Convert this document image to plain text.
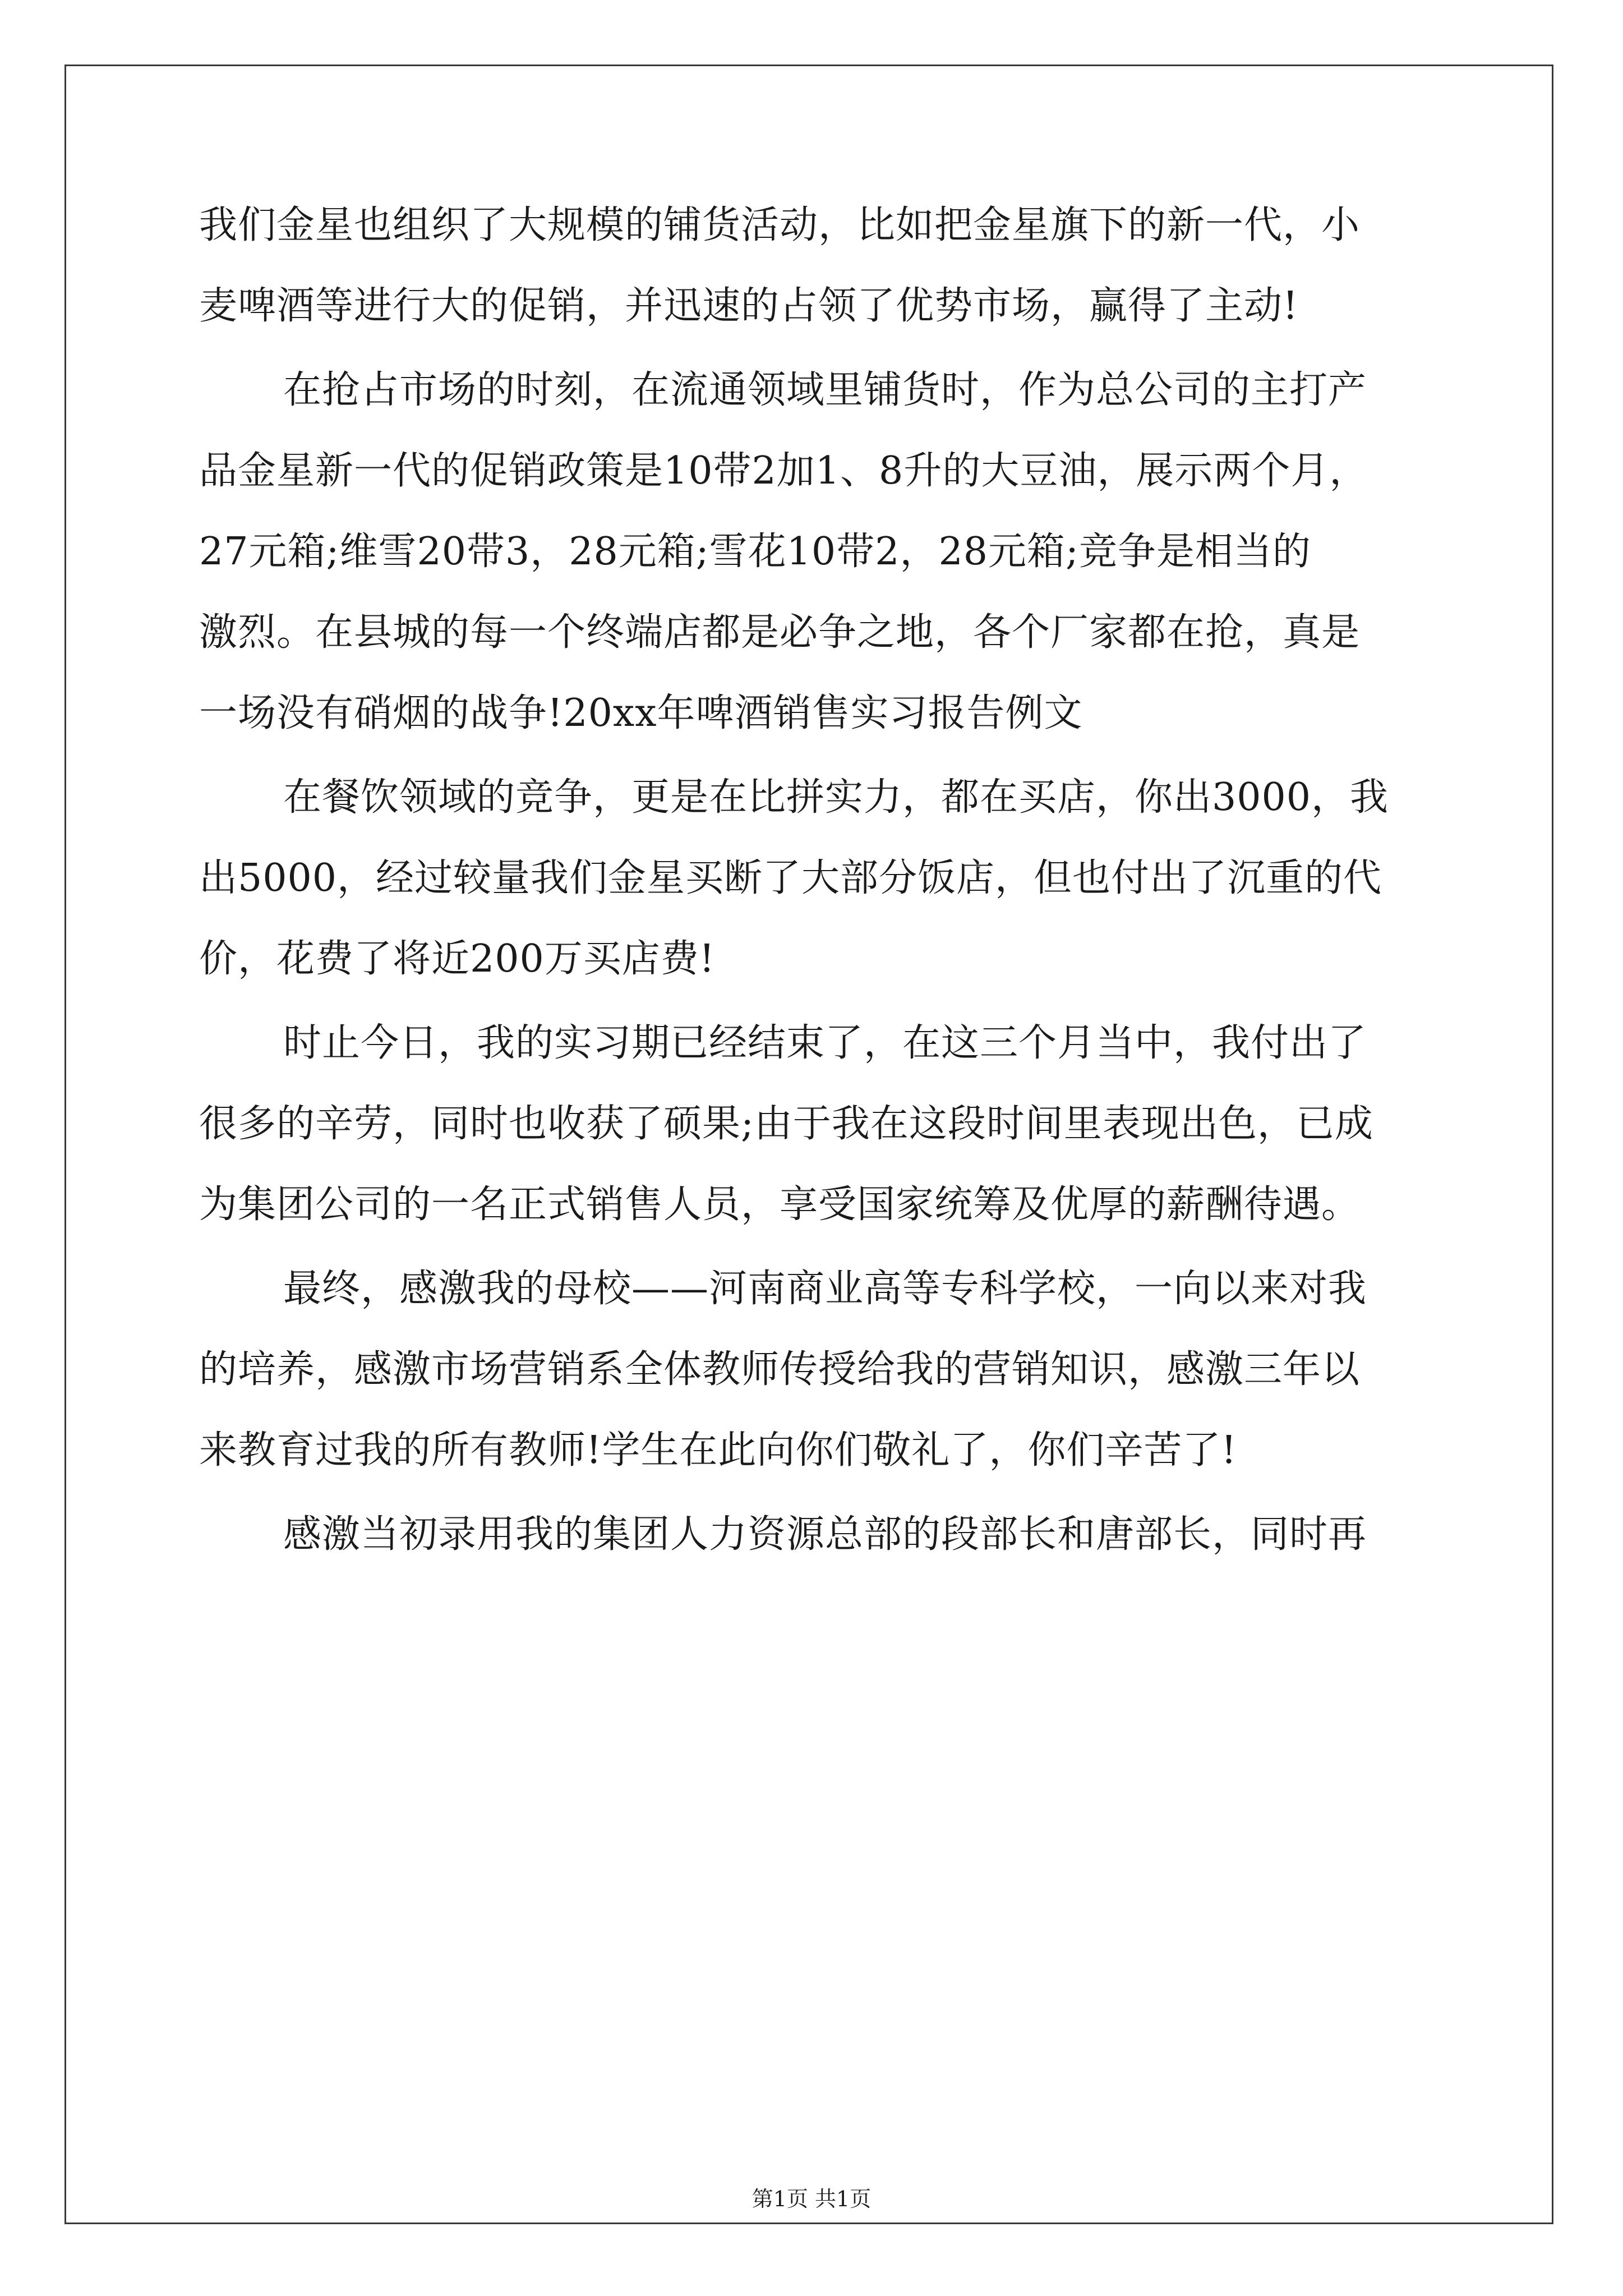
我们金星也组织了大规模的铺货活动，比如把金星旗下的新一代，小
麦啤酒等进行大的促销，并迅速的占领了优势市场，赢得了主动!
在抢占市场的时刻，在流通领域里铺货时，作为总公司的主打产
品金星新一代的促销政策是10带2加1、8升的大豆油，展示两个月，
27元箱;维雪20带3，28元箱;雪花10带2，28元箱;竞争是相当的
激烈。在县城的每一个终端店都是必争之地，各个厂家都在抢，真是
一场没有硝烟的战争!20xx年啤酒销售实习报告例文
在餐饮领域的竞争，更是在比拼实力，都在买店，你出3000，我
出5000，经过较量我们金星买断了大部分饭店，但也付出了沉重的代
价，花费了将近200万买店费!
时止今日，我的实习期已经结束了，在这三个月当中，我付出了
很多的辛劳，同时也收获了硕果;由于我在这段时间里表现出色，已成
为集团公司的一名正式销售人员，享受国家统筹及优厚的薪酬待遇。
最终，感激我的母校——河南商业高等专科学校，一向以来对我
的培养，感激市场营销系全体教师传授给我的营销知识，感激三年以
来教育过我的所有教师!学生在此向你们敬礼了，你们辛苦了!
感激当初录用我的集团人力资源总部的段部长和唐部长，同时再
第1页 共1页
